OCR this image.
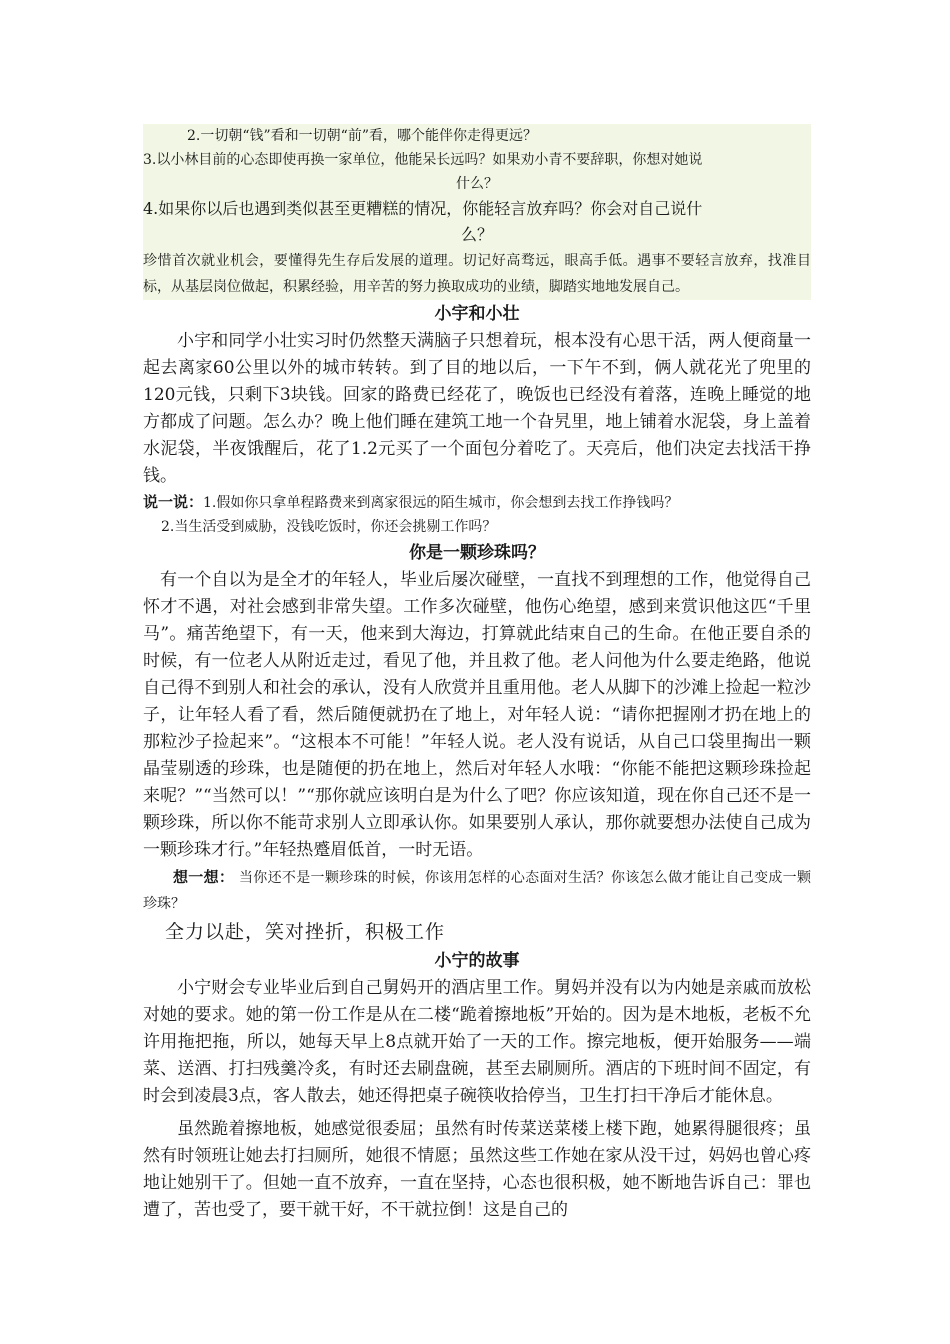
2.一切朝“钱”看和一切朝“前”看，哪个能伴你走得更远？

3.以小林目前的心态即使再换一家单位，他能呆长远吗？如果劝小青不要辞职，你想对她说

什么？

4.如果你以后也遇到类似甚至更糟糕的情况，你能轻言放弃吗？你会对自己说什

么？

珍惜首次就业机会，要懂得先生存后发展的道理。切记好高骛远，眼高手低。遇事不要轻言放弃，找准目标，从基层岗位做起，积累经验，用辛苦的努力换取成功的业绩，脚踏实地地发展自己。

小宇和小壮

小宇和同学小壮实习时仍然整天满脑子只想着玩，根本没有心思干活，两人便商量一起去离家60公里以外的城市转转。到了目的地以后，一下午不到，俩人就花光了兜里的120元钱，只剩下3块钱。回家的路费已经花了，晚饭也已经没有着落，连晚上睡觉的地方都成了问题。怎么办？晚上他们睡在建筑工地一个旮旯里，地上铺着水泥袋，身上盖着水泥袋，半夜饿醒后，花了1.2元买了一个面包分着吃了。天亮后，他们决定去找活干挣钱。

说一说：1.假如你只拿单程路费来到离家很远的陌生城市，你会想到去找工作挣钱吗？

2.当生活受到威胁，没钱吃饭时，你还会挑剔工作吗？

你是一颗珍珠吗？

有一个自以为是全才的年轻人，毕业后屡次碰壁，一直找不到理想的工作，他觉得自己怀才不遇，对社会感到非常失望。工作多次碰壁，他伤心绝望，感到来赏识他这匹“千里马”。痛苦绝望下，有一天，他来到大海边，打算就此结束自己的生命。在他正要自杀的时候，有一位老人从附近走过，看见了他，并且救了他。老人问他为什么要走绝路，他说自己得不到别人和社会的承认，没有人欣赏并且重用他。老人从脚下的沙滩上捡起一粒沙子，让年轻人看了看，然后随便就扔在了地上，对年轻人说：“请你把握刚才扔在地上的那粒沙子捡起来”。“这根本不可能！”年轻人说。老人没有说话，从自己口袋里掏出一颗晶莹剔透的珍珠，也是随便的扔在地上，然后对年轻人水哦：“你能不能把这颗珍珠捡起来呢？”“当然可以！”“那你就应该明白是为什么了吧？你应该知道，现在你自己还不是一颗珍珠，所以你不能苛求别人立即承认你。如果要别人承认，那你就要想办法使自己成为一颗珍珠才行。”年轻热蹙眉低首，一时无语。

想一想： 当你还不是一颗珍珠的时候，你该用怎样的心态面对生活？你该怎么做才能让自己变成一颗珍珠？

全力以赴，笑对挫折，积极工作

小宁的故事

小宁财会专业毕业后到自己舅妈开的酒店里工作。舅妈并没有以为内她是亲戚而放松对她的要求。她的第一份工作是从在二楼“跪着擦地板”开始的。因为是木地板，老板不允许用拖把拖，所以，她每天早上8点就开始了一天的工作。擦完地板，便开始服务——端菜、送酒、打扫残羹冷炙，有时还去刷盘碗，甚至去刷厕所。酒店的下班时间不固定，有时会到凌晨3点，客人散去，她还得把桌子碗筷收拾停当，卫生打扫干净后才能休息。

虽然跪着擦地板，她感觉很委屈；虽然有时传菜送菜楼上楼下跑，她累得腿很疼；虽然有时领班让她去打扫厕所，她很不情愿；虽然这些工作她在家从没干过，妈妈也曾心疼地让她别干了。但她一直不放弃，一直在坚持，心态也很积极，她不断地告诉自己：罪也遭了，苦也受了，要干就干好，不干就拉倒！这是自己的
